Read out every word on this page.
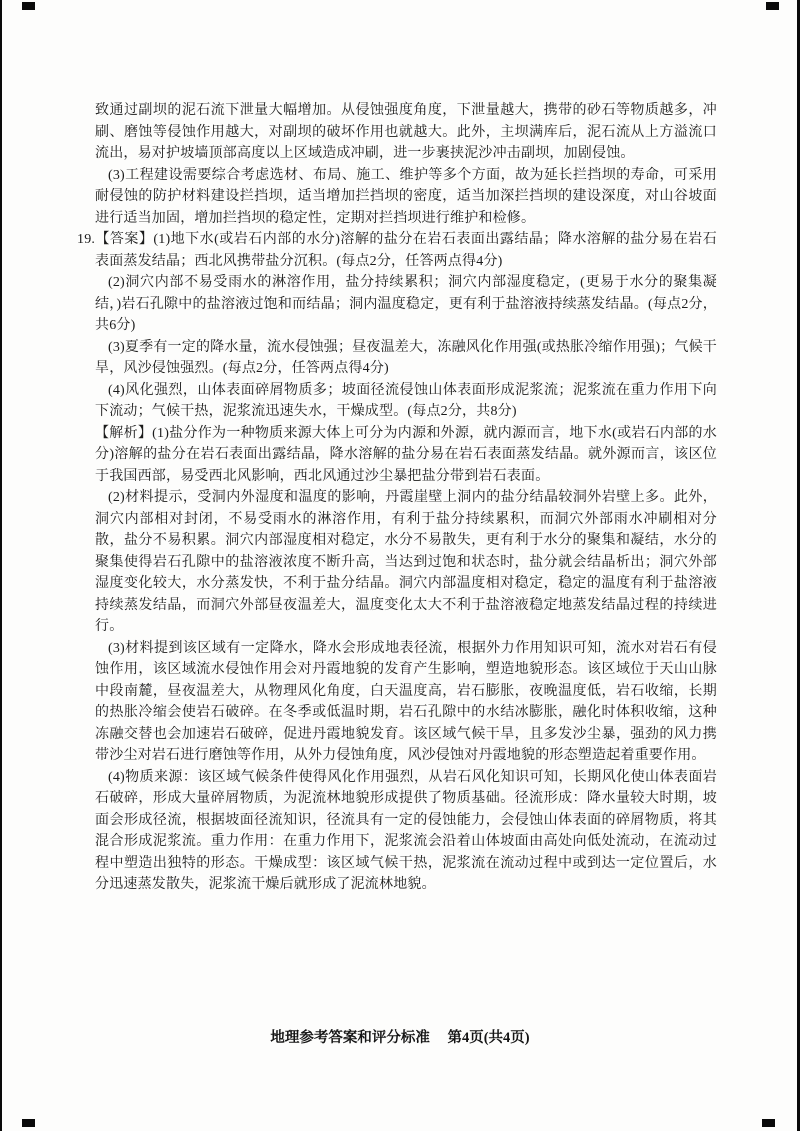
致通过副坝的泥石流下泄量大幅增加。从侵蚀强度角度，下泄量越大，携带的砂石等物质越多，冲刷、磨蚀等侵蚀作用越大，对副坝的破坏作用也就越大。此外，主坝满库后，泥石流从上方溢流口流出，易对护坡墙顶部高度以上区域造成冲刷，进一步裹挟泥沙冲击副坝，加剧侵蚀。
(3)工程建设需要综合考虑选材、布局、施工、维护等多个方面，故为延长拦挡坝的寿命，可采用耐侵蚀的防护材料建设拦挡坝，适当增加拦挡坝的密度，适当加深拦挡坝的建设深度，对山谷坡面进行适当加固，增加拦挡坝的稳定性，定期对拦挡坝进行维护和检修。
19.【答案】(1)地下水(或岩石内部的水分)溶解的盐分在岩石表面出露结晶；降水溶解的盐分易在岩石表面蒸发结晶；西北风携带盐分沉积。(每点2分，任答两点得4分)
(2)洞穴内部不易受雨水的淋溶作用，盐分持续累积；洞穴内部湿度稳定，(更易于水分的聚集凝结，)岩石孔隙中的盐溶液过饱和而结晶；洞内温度稳定，更有利于盐溶液持续蒸发结晶。(每点2分，共6分)
(3)夏季有一定的降水量，流水侵蚀强；昼夜温差大，冻融风化作用强(或热胀冷缩作用强)；气候干旱，风沙侵蚀强烈。(每点2分，任答两点得4分)
(4)风化强烈，山体表面碎屑物质多；坡面径流侵蚀山体表面形成泥浆流；泥浆流在重力作用下向下流动；气候干热，泥浆流迅速失水，干燥成型。(每点2分，共8分)
【解析】(1)盐分作为一种物质来源大体上可分为内源和外源，就内源而言，地下水(或岩石内部的水分)溶解的盐分在岩石表面出露结晶，降水溶解的盐分易在岩石表面蒸发结晶。就外源而言，该区位于我国西部，易受西北风影响，西北风通过沙尘暴把盐分带到岩石表面。
(2)材料提示，受洞内外湿度和温度的影响，丹霞崖壁上洞内的盐分结晶较洞外岩壁上多。此外，洞穴内部相对封闭，不易受雨水的淋溶作用，有利于盐分持续累积，而洞穴外部雨水冲刷相对分散，盐分不易积累。洞穴内部湿度相对稳定，水分不易散失，更有利于水分的聚集和凝结，水分的聚集使得岩石孔隙中的盐溶液浓度不断升高，当达到过饱和状态时，盐分就会结晶析出；洞穴外部湿度变化较大，水分蒸发快，不利于盐分结晶。洞穴内部温度相对稳定，稳定的温度有利于盐溶液持续蒸发结晶，而洞穴外部昼夜温差大，温度变化太大不利于盐溶液稳定地蒸发结晶过程的持续进行。
(3)材料提到该区域有一定降水，降水会形成地表径流，根据外力作用知识可知，流水对岩石有侵蚀作用，该区域流水侵蚀作用会对丹霞地貌的发育产生影响，塑造地貌形态。该区域位于天山山脉中段南麓，昼夜温差大，从物理风化角度，白天温度高，岩石膨胀，夜晚温度低，岩石收缩，长期的热胀冷缩会使岩石破碎。在冬季或低温时期，岩石孔隙中的水结冰膨胀，融化时体积收缩，这种冻融交替也会加速岩石破碎，促进丹霞地貌发育。该区域气候干旱，且多发沙尘暴，强劲的风力携带沙尘对岩石进行磨蚀等作用，从外力侵蚀角度，风沙侵蚀对丹霞地貌的形态塑造起着重要作用。
(4)物质来源：该区域气候条件使得风化作用强烈，从岩石风化知识可知，长期风化使山体表面岩石破碎，形成大量碎屑物质，为泥流林地貌形成提供了物质基础。径流形成：降水量较大时期，坡面会形成径流，根据坡面径流知识，径流具有一定的侵蚀能力，会侵蚀山体表面的碎屑物质，将其混合形成泥浆流。重力作用：在重力作用下，泥浆流会沿着山体坡面由高处向低处流动，在流动过程中塑造出独特的形态。干燥成型：该区域气候干热，泥浆流在流动过程中或到达一定位置后，水分迅速蒸发散失，泥浆流干燥后就形成了泥流林地貌。
地理参考答案和评分标准 第4页(共4页)
